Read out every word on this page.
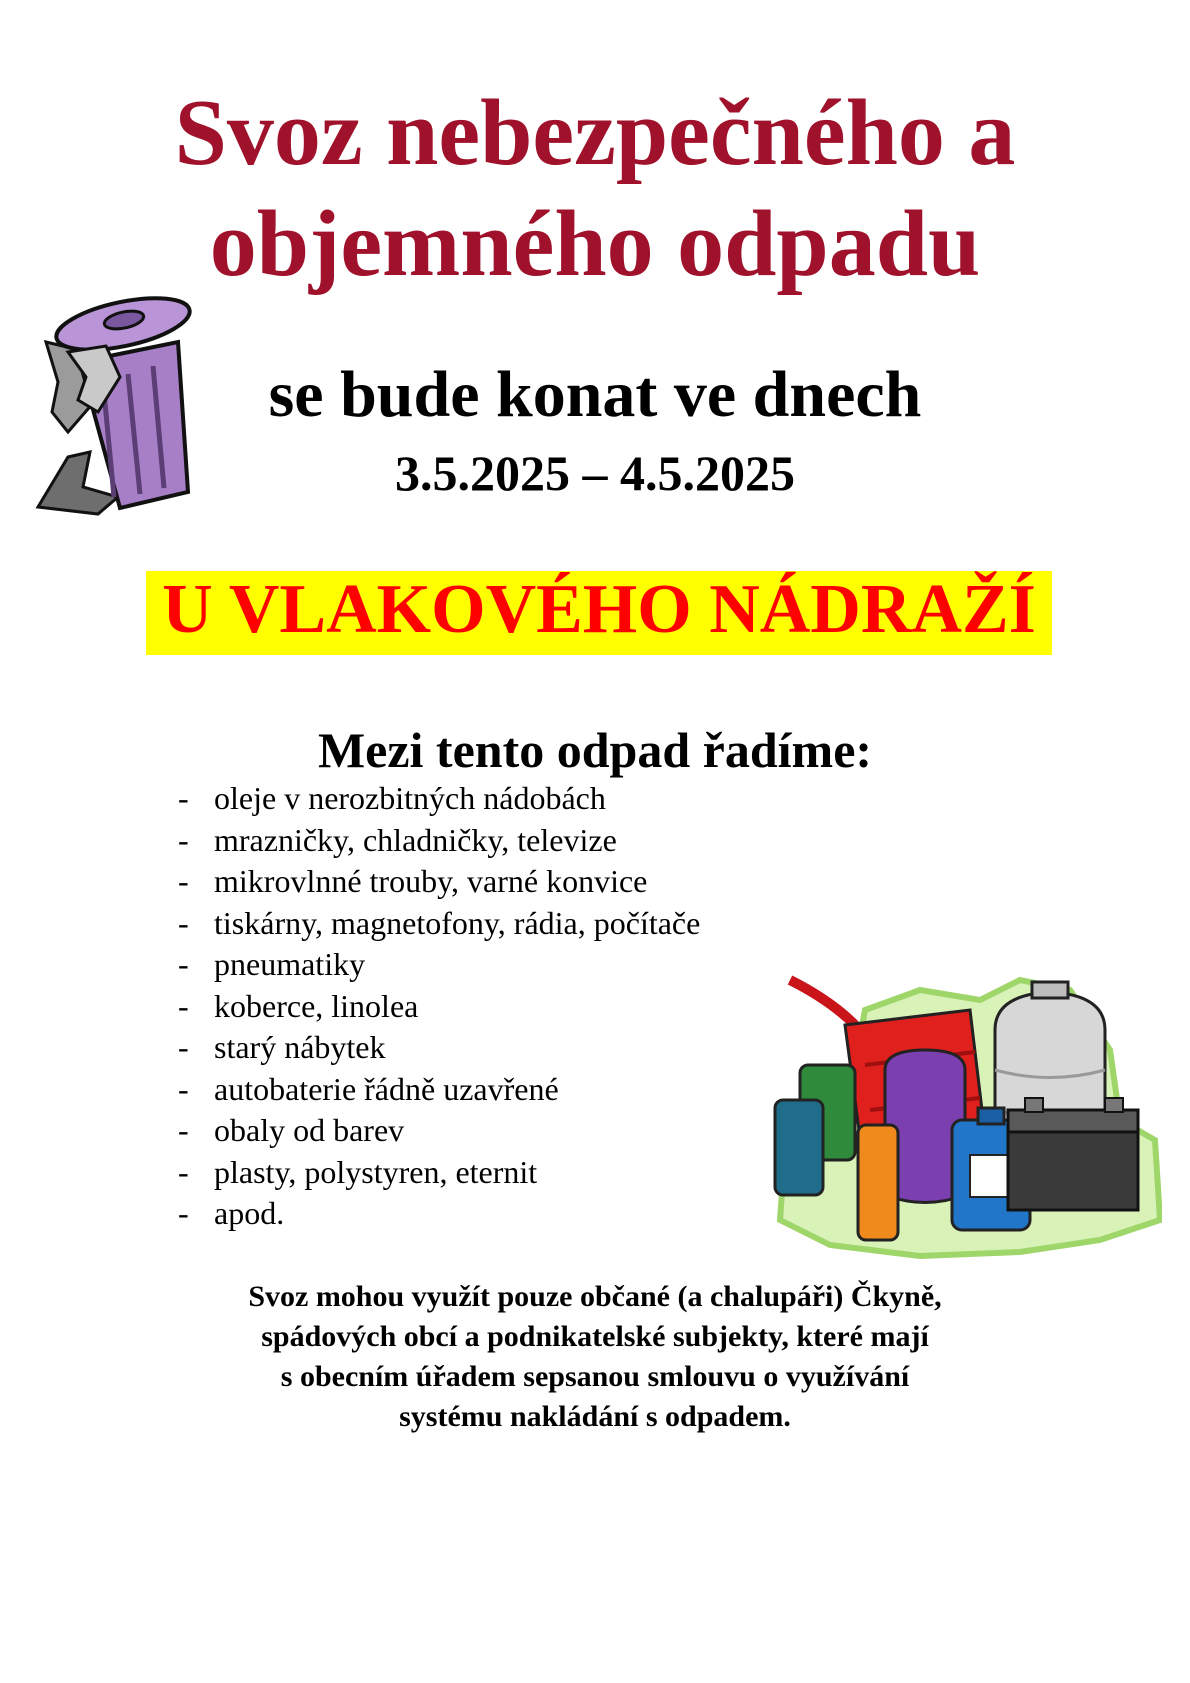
Svoz nebezpečného a
objemného odpadu
se bude konat ve dnech
3.5.2025 – 4.5.2025
U VLAKOVÉHO NÁDRAŽÍ
Mezi tento odpad řadíme:
- oleje v nerozbitných nádobách
- mrazničky, chladničky, televize
- mikrovlnné trouby, varné konvice
- tiskárny, magnetofony, rádia, počítače
- pneumatiky
- koberce, linolea
- starý nábytek
- autobaterie řádně uzavřené
- obaly od barev
- plasty, polystyren, eternit
- apod.
Svoz mohou využít pouze občané (a chalupáři) Čkyně,
spádových obcí a podnikatelské subjekty, které mají
s obecním úřadem sepsanou smlouvu o využívání
systému nakládání s odpadem.
